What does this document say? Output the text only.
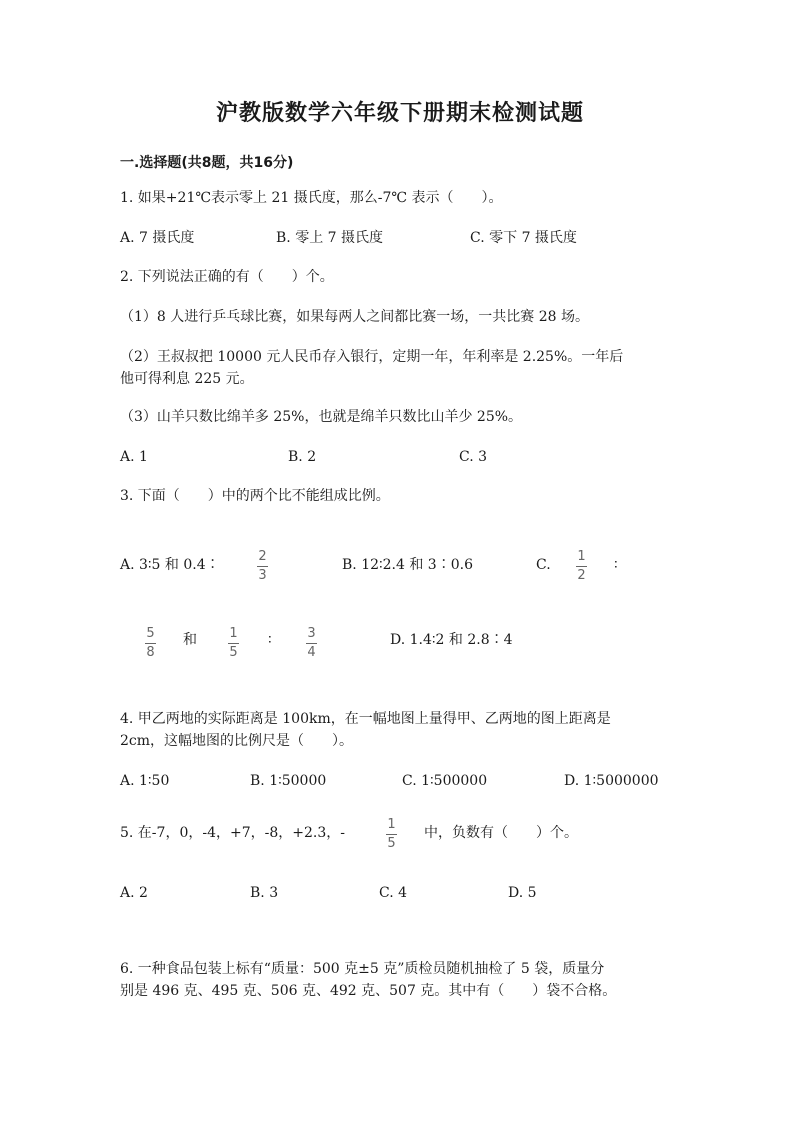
沪教版数学六年级下册期末检测试题
一.选择题(共8题，共16分)
1. 如果+21℃表示零上 21 摄氏度，那么-7℃ 表示（　　）。
A. 7 摄氏度	B. 零上 7 摄氏度	C. 零下 7 摄氏度
2. 下列说法正确的有（　　）个。
（1）8 人进行乒乓球比赛，如果每两人之间都比赛一场，一共比赛 28 场。
（2）王叔叔把 10000 元人民币存入银行，定期一年，年利率是 2.25%。一年后
他可得利息 225 元。
（3）山羊只数比绵羊多 25%，也就是绵羊只数比山羊少 25%。
A. 1	B. 2	C. 3
3. 下面（　　）中的两个比不能组成比例。
A. 3∶5 和 0.4∶
2
3
B. 12∶2.4 和 3∶0.6	C.
1
2
∶
5
8
和 1
5
∶	3
4
D. 1.4∶2 和 2.8∶4
4. 甲乙两地的实际距离是 100km，在一幅地图上量得甲、乙两地的图上距离是
2cm，这幅地图的比例尺是（　　）。
A. 1∶50	B. 1∶50000	C. 1∶500000	D. 1∶5000000
5. 在-7，0，-4，+7，-8，+2.3，-
1
5
中，负数有（　　）个。
A. 2	B. 3	C. 4	D. 5
6. 一种食品包装上标有“质量：500 克±5 克”质检员随机抽检了 5 袋，质量分
别是 496 克、495 克、506 克、492 克、507 克。其中有（　　）袋不合格。
